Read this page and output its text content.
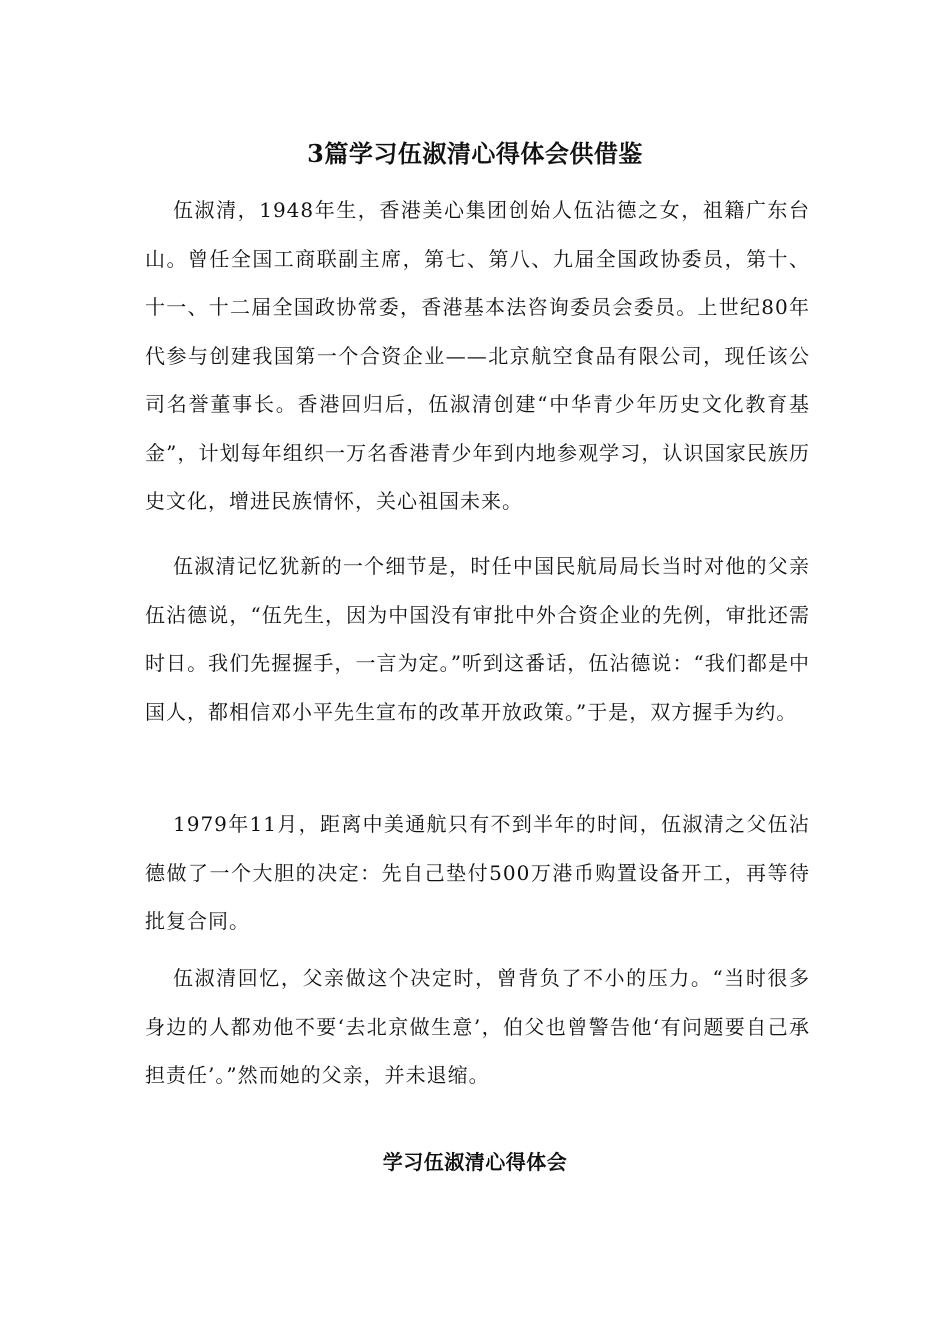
3篇学习伍淑清心得体会供借鉴

伍淑清，1948年生，香港美心集团创始人伍沾德之女，祖籍广东台山。曾任全国工商联副主席，第七、第八、九届全国政协委员，第十、十一、十二届全国政协常委，香港基本法咨询委员会委员。上世纪80年代参与创建我国第一个合资企业——北京航空食品有限公司，现任该公司名誉董事长。香港回归后，伍淑清创建“中华青少年历史文化教育基金”，计划每年组织一万名香港青少年到内地参观学习，认识国家民族历史文化，增进民族情怀，关心祖国未来。

伍淑清记忆犹新的一个细节是，时任中国民航局局长当时对他的父亲伍沾德说，“伍先生，因为中国没有审批中外合资企业的先例，审批还需时日。我们先握握手，一言为定。”听到这番话，伍沾德说：“我们都是中国人，都相信邓小平先生宣布的改革开放政策。”于是，双方握手为约。

1979年11月，距离中美通航只有不到半年的时间，伍淑清之父伍沾德做了一个大胆的决定：先自己垫付500万港币购置设备开工，再等待批复合同。

伍淑清回忆，父亲做这个决定时，曾背负了不小的压力。“当时很多身边的人都劝他不要‘去北京做生意’，伯父也曾警告他‘有问题要自己承担责任’。”然而她的父亲，并未退缩。

学习伍淑清心得体会
